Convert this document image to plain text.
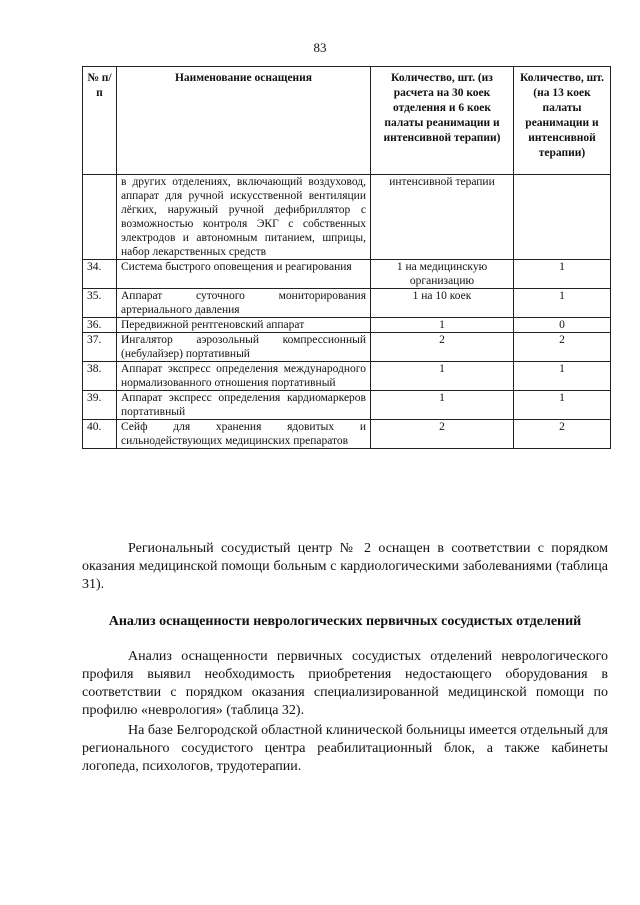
83
№ п/п	Наименование оснащения	Количество, шт. (из расчета на 30 коек отделения и 6 коек палаты реанимации и интенсивной терапии)	Количество, шт. (на 13 коек палаты реанимации и интенсивной терапии)
	в других отделениях, включающий воздуховод, аппарат для ручной искусственной вентиляции лёгких, наружный ручной дефибриллятор с возможностью контроля ЭКГ с собственных электродов и автономным питанием, шприцы, набор лекарственных средств	интенсивной терапии	
34.	Система быстрого оповещения и реагирования	1 на медицинскую организацию	1
35.	Аппарат суточного мониторирования артериального давления	1 на 10 коек	1
36.	Передвижной рентгеновский аппарат	1	0
37.	Ингалятор аэрозольный компрессионный (небулайзер) портативный	2	2
38.	Аппарат экспресс определения международного нормализованного отношения портативный	1	1
39.	Аппарат экспресс определения кардиомаркеров портативный	1	1
40.	Сейф для хранения ядовитых и сильнодействующих медицинских препаратов	2	2
Региональный сосудистый центр № 2 оснащен в соответствии с порядком оказания медицинской помощи больным с кардиологическими заболеваниями (таблица 31).
Анализ оснащенности неврологических первичных сосудистых отделений
Анализ оснащенности первичных сосудистых отделений неврологического профиля выявил необходимость приобретения недостающего оборудования в соответствии с порядком оказания специализированной медицинской помощи по профилю «неврология» (таблица 32).
На базе Белгородской областной клинической больницы имеется отдельный для регионального сосудистого центра реабилитационный блок, а также кабинеты логопеда, психологов, трудотерапии.
